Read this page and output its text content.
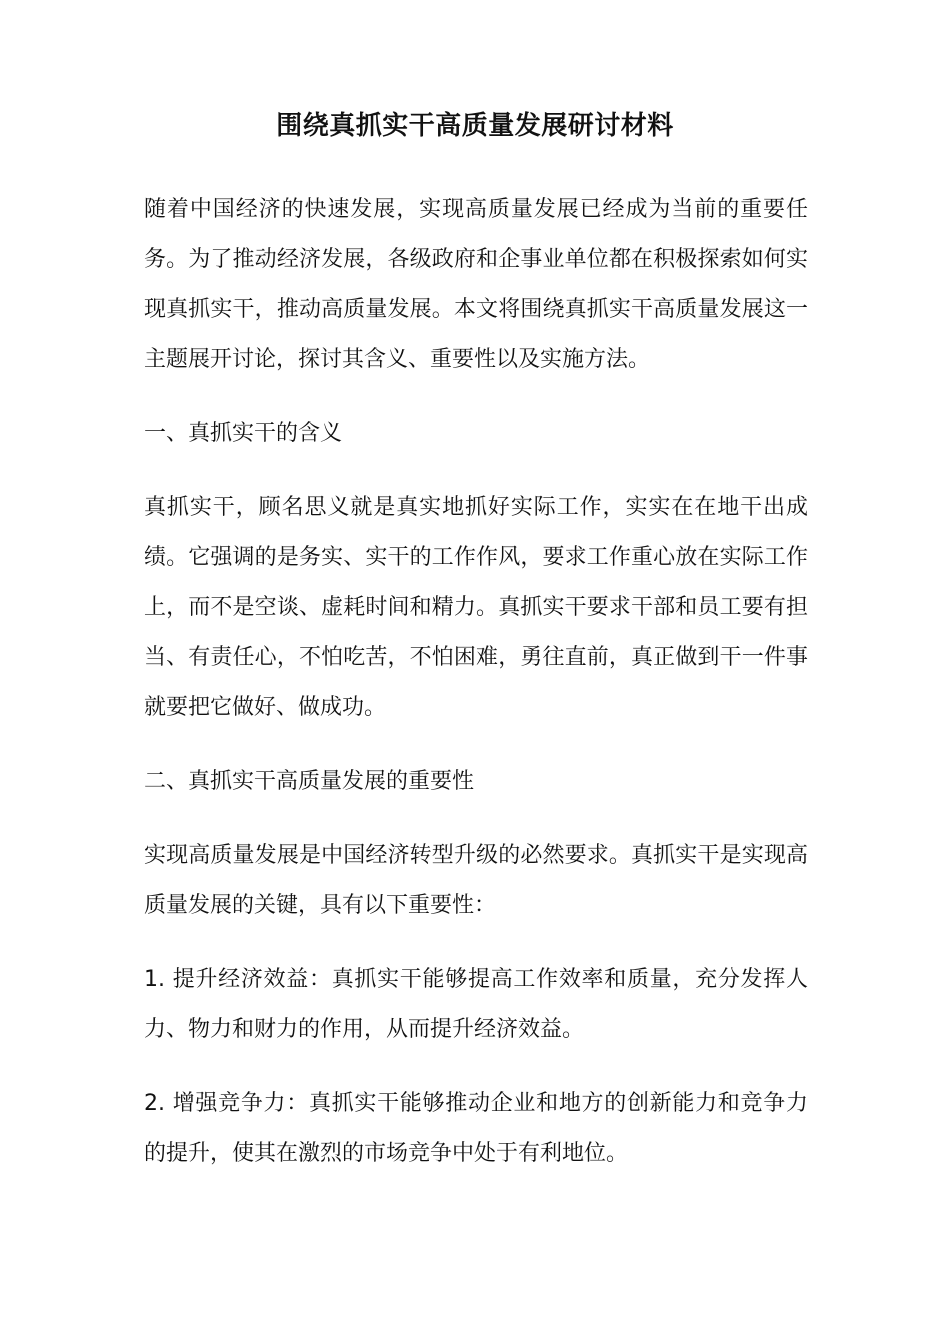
围绕真抓实干高质量发展研讨材料

随着中国经济的快速发展，实现高质量发展已经成为当前的重要任务。为了推动经济发展，各级政府和企事业单位都在积极探索如何实现真抓实干，推动高质量发展。本文将围绕真抓实干高质量发展这一主题展开讨论，探讨其含义、重要性以及实施方法。

一、真抓实干的含义

真抓实干，顾名思义就是真实地抓好实际工作，实实在在地干出成绩。它强调的是务实、实干的工作作风，要求工作重心放在实际工作上，而不是空谈、虚耗时间和精力。真抓实干要求干部和员工要有担当、有责任心，不怕吃苦，不怕困难，勇往直前，真正做到干一件事就要把它做好、做成功。

二、真抓实干高质量发展的重要性

实现高质量发展是中国经济转型升级的必然要求。真抓实干是实现高质量发展的关键，具有以下重要性：

1. 提升经济效益：真抓实干能够提高工作效率和质量，充分发挥人力、物力和财力的作用，从而提升经济效益。

2. 增强竞争力：真抓实干能够推动企业和地方的创新能力和竞争力的提升，使其在激烈的市场竞争中处于有利地位。
